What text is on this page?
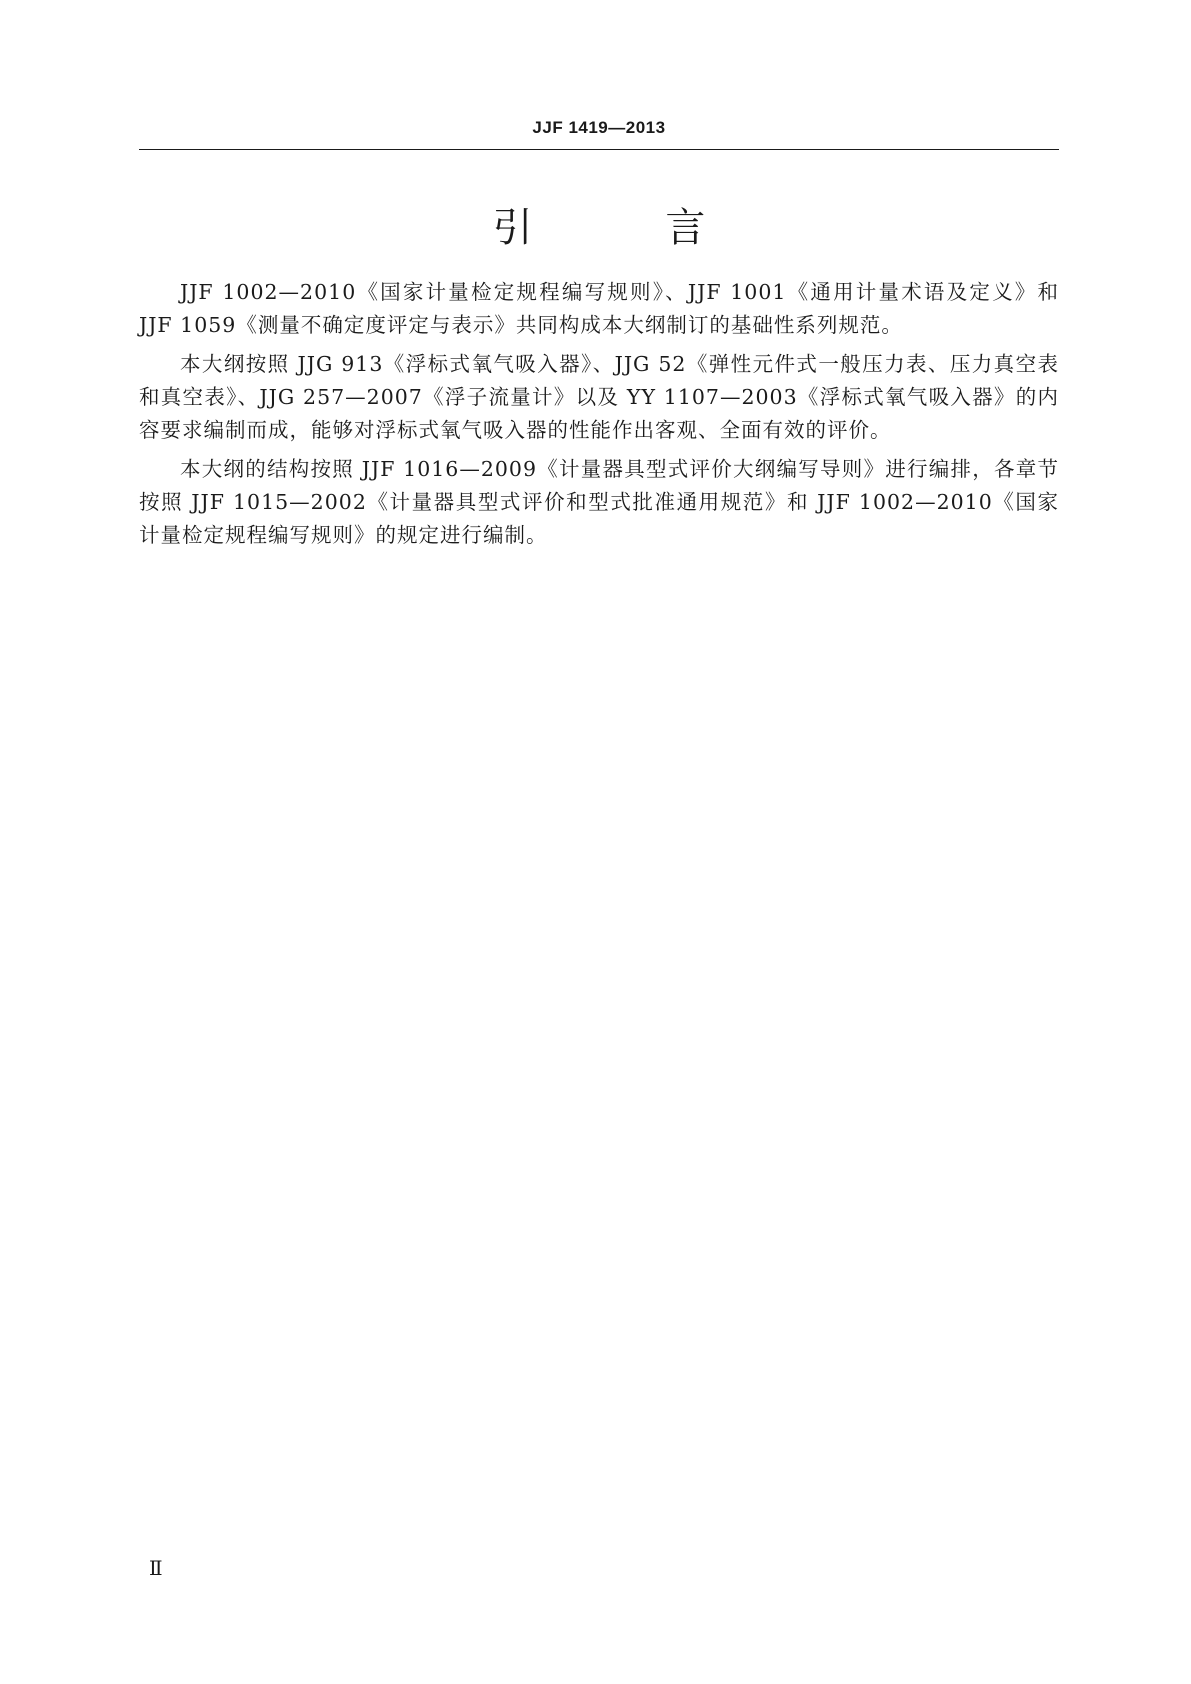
JJF 1419—2013
引 言

JJF 1002—2010《国家计量检定规程编写规则》、JJF 1001《通用计量术语及定义》和 JJF 1059《测量不确定度评定与表示》共同构成本大纲制订的基础性系列规范。

本大纲按照 JJG 913《浮标式氧气吸入器》、JJG 52《弹性元件式一般压力表、压力真空表和真空表》、JJG 257—2007《浮子流量计》以及 YY 1107—2003《浮标式氧气吸入器》的内容要求编制而成，能够对浮标式氧气吸入器的性能作出客观、全面有效的评价。

本大纲的结构按照 JJF 1016—2009《计量器具型式评价大纲编写导则》进行编排，各章节按照 JJF 1015—2002《计量器具型式评价和型式批准通用规范》和 JJF 1002—2010《国家计量检定规程编写规则》的规定进行编制。

Ⅱ
